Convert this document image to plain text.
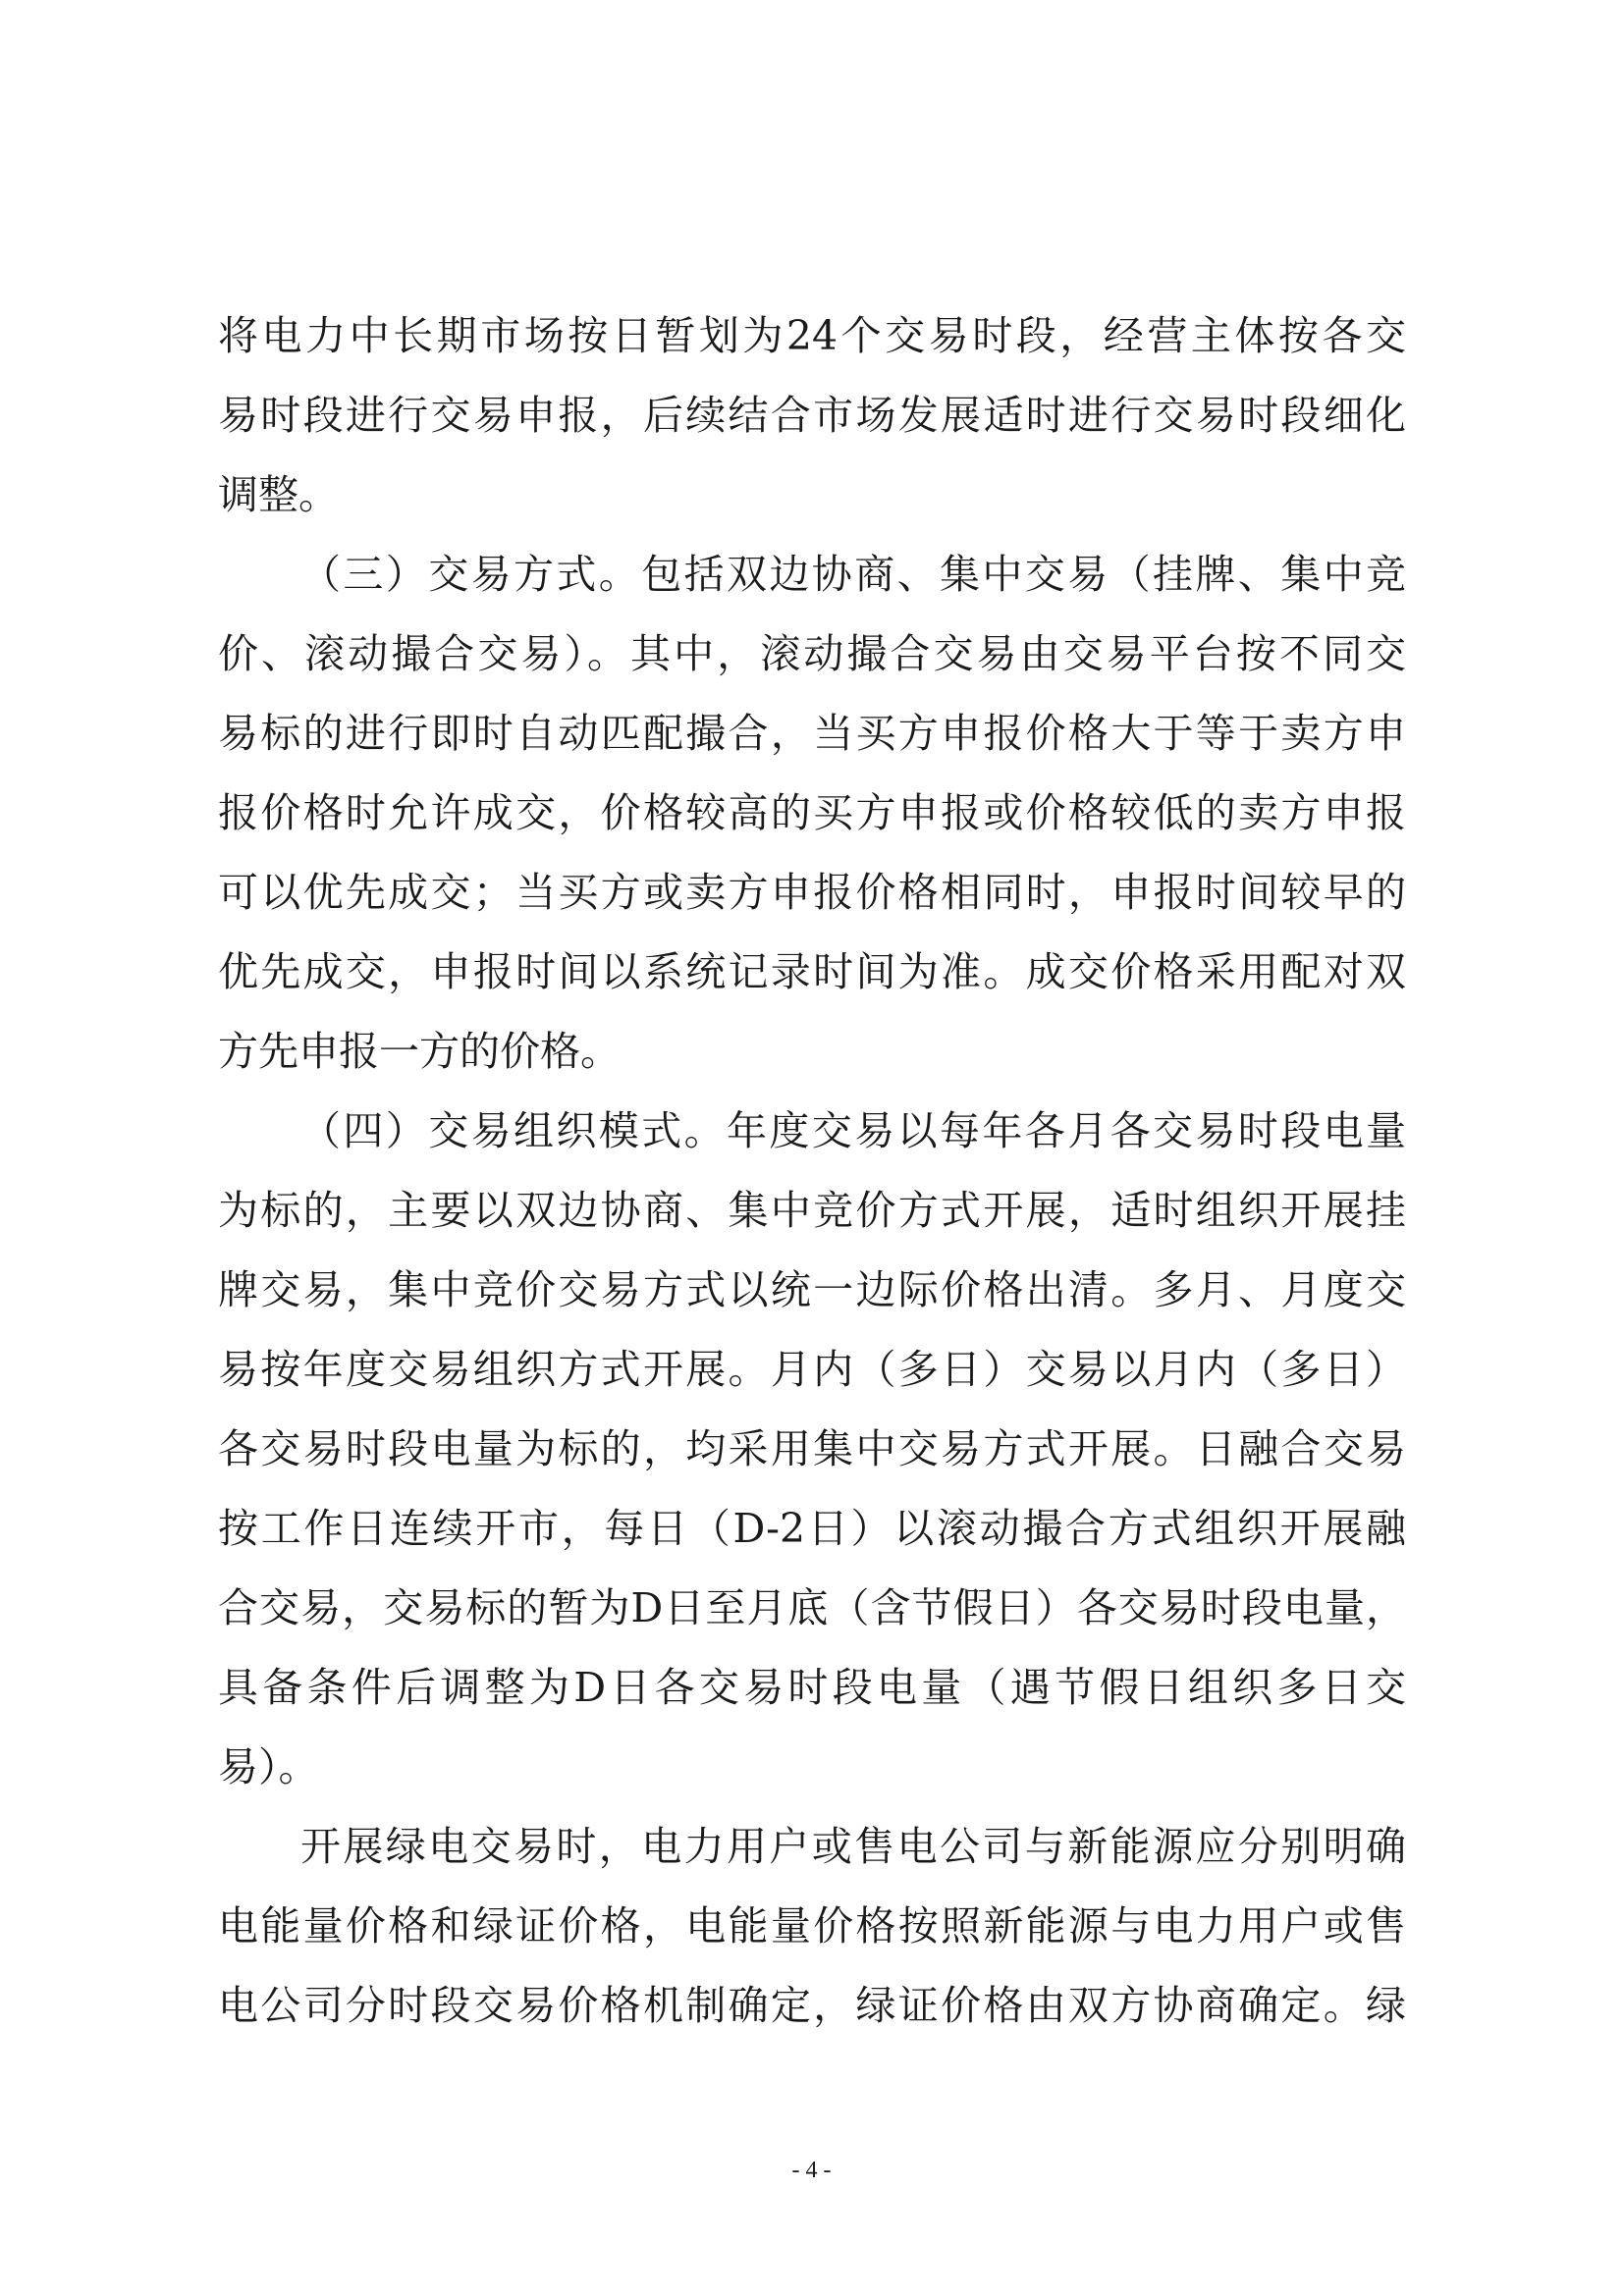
将电力中长期市场按日暂划为24个交易时段，经营主体按各交
易时段进行交易申报，后续结合市场发展适时进行交易时段细化
调整。
（三）交易方式。包括双边协商、集中交易（挂牌、集中竞
价、滚动撮合交易）。其中，滚动撮合交易由交易平台按不同交
易标的进行即时自动匹配撮合，当买方申报价格大于等于卖方申
报价格时允许成交，价格较高的买方申报或价格较低的卖方申报
可以优先成交；当买方或卖方申报价格相同时，申报时间较早的
优先成交，申报时间以系统记录时间为准。成交价格采用配对双
方先申报一方的价格。
（四）交易组织模式。年度交易以每年各月各交易时段电量
为标的，主要以双边协商、集中竞价方式开展，适时组织开展挂
牌交易，集中竞价交易方式以统一边际价格出清。多月、月度交
易按年度交易组织方式开展。月内（多日）交易以月内（多日）
各交易时段电量为标的，均采用集中交易方式开展。日融合交易
按工作日连续开市，每日（D-2日）以滚动撮合方式组织开展融
合交易，交易标的暂为D日至月底（含节假日）各交易时段电量，
具备条件后调整为D日各交易时段电量（遇节假日组织多日交
易）。
开展绿电交易时，电力用户或售电公司与新能源应分别明确
电能量价格和绿证价格，电能量价格按照新能源与电力用户或售
电公司分时段交易价格机制确定，绿证价格由双方协商确定。绿
- 4 -
